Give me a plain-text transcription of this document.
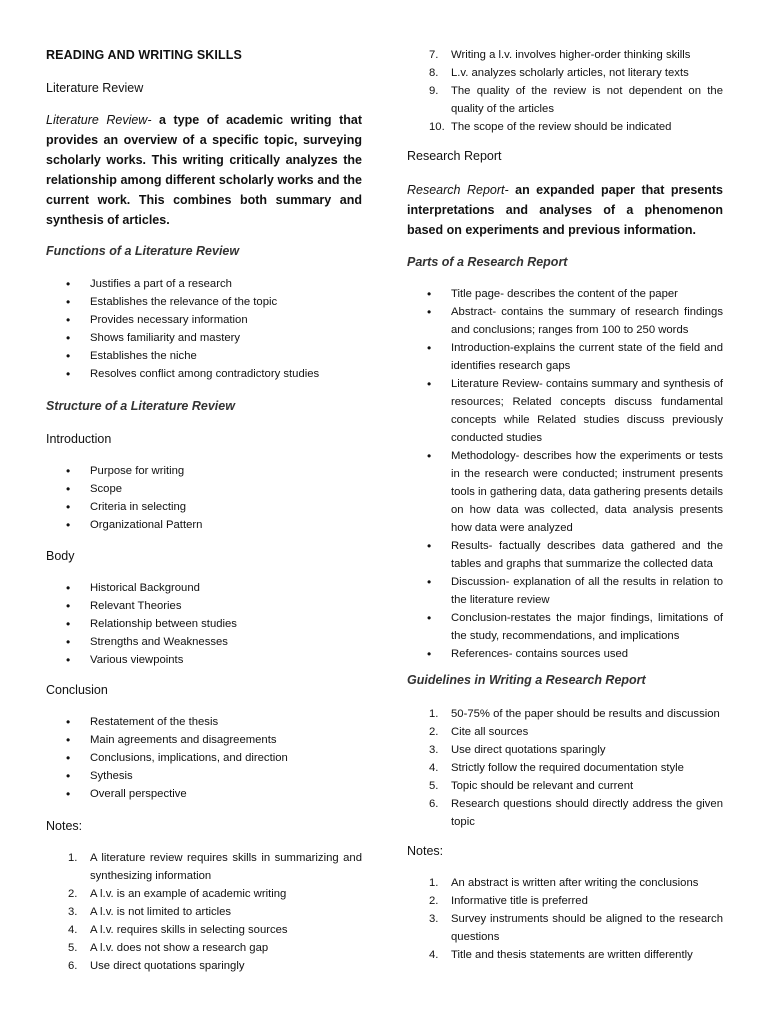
READING AND WRITING SKILLS
Literature Review

Literature Review- a type of academic writing that provides an overview of a specific topic, surveying scholarly works. This writing critically analyzes the relationship among different scholarly works and the current work. This combines both summary and synthesis of articles.

Functions of a Literature Review
• Justifies a part of a research
• Establishes the relevance of the topic
• Provides necessary information
• Shows familiarity and mastery
• Establishes the niche
• Resolves conflict among contradictory studies
Structure of a Literature Review
Introduction
• Purpose for writing
• Scope
• Criteria in selecting
• Organizational Pattern
Body
• Historical Background
• Relevant Theories
• Relationship between studies
• Strengths and Weaknesses
• Various viewpoints
Conclusion
• Restatement of the thesis
• Main agreements and disagreements
• Conclusions, implications, and direction
• Sythesis
• Overall perspective
Notes:
1. A literature review requires skills in summarizing and synthesizing information
2. A l.v. is an example of academic writing
3. A l.v. is not limited to articles
4. A l.v. requires skills in selecting sources
5. A l.v. does not show a research gap
6. Use direct quotations sparingly
7. Writing a l.v. involves higher-order thinking skills
8. L.v. analyzes scholarly articles, not literary texts
9. The quality of the review is not dependent on the quality of the articles
10. The scope of the review should be indicated
Research Report

Research Report- an expanded paper that presents interpretations and analyses of a phenomenon based on experiments and previous information.

Parts of a Research Report
• Title page- describes the content of the paper
• Abstract- contains the summary of research findings and conclusions; ranges from 100 to 250 words
• Introduction-explains the current state of the field and identifies research gaps
• Literature Review- contains summary and synthesis of resources; Related concepts discuss fundamental concepts while Related studies discuss previously conducted studies
• Methodology- describes how the experiments or tests in the research were conducted; instrument presents tools in gathering data, data gathering presents details on how data was collected, data analysis presents how data were analyzed
• Results- factually describes data gathered and the tables and graphs that summarize the collected data
• Discussion- explanation of all the results in relation to the literature review
• Conclusion-restates the major findings, limitations of the study, recommendations, and implications
• References- contains sources used
Guidelines in Writing a Research Report
1. 50-75% of the paper should be results and discussion
2. Cite all sources
3. Use direct quotations sparingly
4. Strictly follow the required documentation style
5. Topic should be relevant and current
6. Research questions should directly address the given topic
Notes:
1. An abstract is written after writing the conclusions
2. Informative title is preferred
3. Survey instruments should be aligned to the research questions
4. Title and thesis statements are written differently
